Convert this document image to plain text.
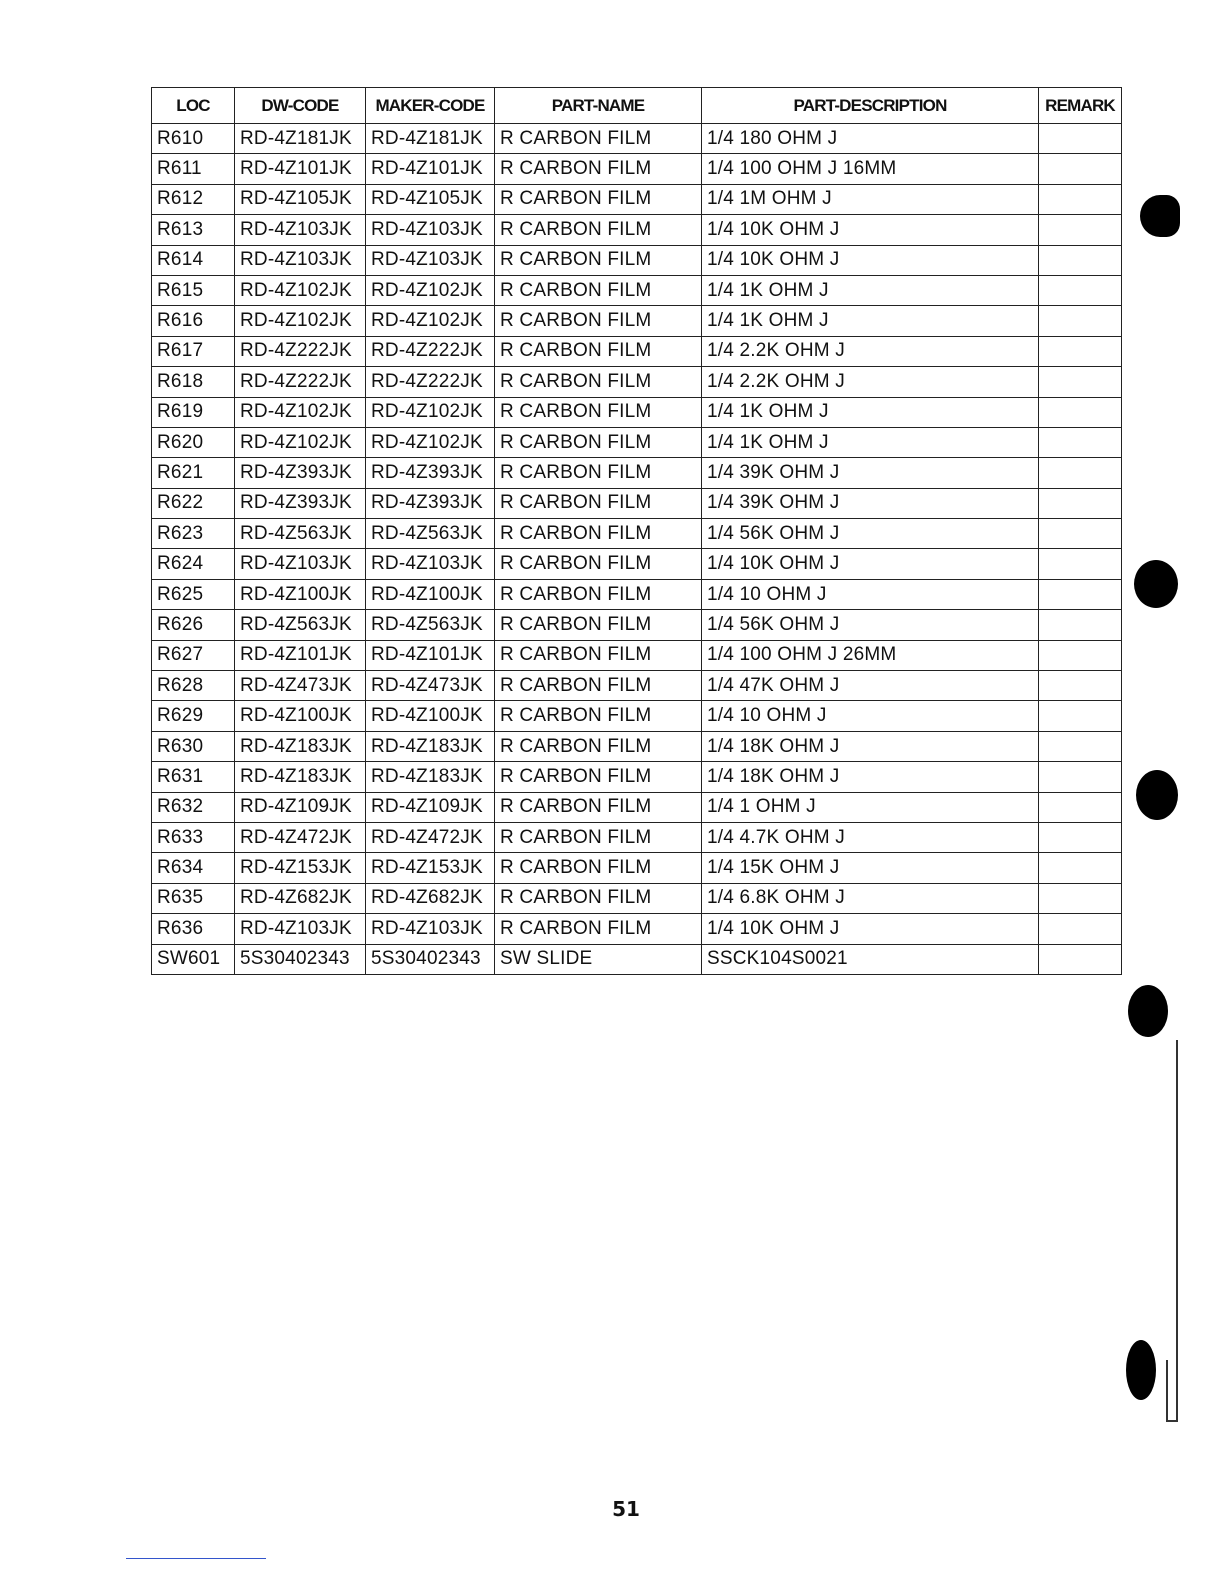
LOC	DW-CODE	MAKER-CODE	PART-NAME	PART-DESCRIPTION	REMARK
R610	RD-4Z181JK	RD-4Z181JK	R CARBON FILM	1/4 180 OHM J	
R611	RD-4Z101JK	RD-4Z101JK	R CARBON FILM	1/4 100 OHM J 16MM	
R612	RD-4Z105JK	RD-4Z105JK	R CARBON FILM	1/4 1M OHM J	
R613	RD-4Z103JK	RD-4Z103JK	R CARBON FILM	1/4 10K OHM J	
R614	RD-4Z103JK	RD-4Z103JK	R CARBON FILM	1/4 10K OHM J	
R615	RD-4Z102JK	RD-4Z102JK	R CARBON FILM	1/4 1K OHM J	
R616	RD-4Z102JK	RD-4Z102JK	R CARBON FILM	1/4 1K OHM J	
R617	RD-4Z222JK	RD-4Z222JK	R CARBON FILM	1/4 2.2K OHM J	
R618	RD-4Z222JK	RD-4Z222JK	R CARBON FILM	1/4 2.2K OHM J	
R619	RD-4Z102JK	RD-4Z102JK	R CARBON FILM	1/4 1K OHM J	
R620	RD-4Z102JK	RD-4Z102JK	R CARBON FILM	1/4 1K OHM J	
R621	RD-4Z393JK	RD-4Z393JK	R CARBON FILM	1/4 39K OHM J	
R622	RD-4Z393JK	RD-4Z393JK	R CARBON FILM	1/4 39K OHM J	
R623	RD-4Z563JK	RD-4Z563JK	R CARBON FILM	1/4 56K OHM J	
R624	RD-4Z103JK	RD-4Z103JK	R CARBON FILM	1/4 10K OHM J	
R625	RD-4Z100JK	RD-4Z100JK	R CARBON FILM	1/4 10 OHM J	
R626	RD-4Z563JK	RD-4Z563JK	R CARBON FILM	1/4 56K OHM J	
R627	RD-4Z101JK	RD-4Z101JK	R CARBON FILM	1/4 100 OHM J 26MM	
R628	RD-4Z473JK	RD-4Z473JK	R CARBON FILM	1/4 47K OHM J	
R629	RD-4Z100JK	RD-4Z100JK	R CARBON FILM	1/4 10 OHM J	
R630	RD-4Z183JK	RD-4Z183JK	R CARBON FILM	1/4 18K OHM J	
R631	RD-4Z183JK	RD-4Z183JK	R CARBON FILM	1/4 18K OHM J	
R632	RD-4Z109JK	RD-4Z109JK	R CARBON FILM	1/4 1 OHM J	
R633	RD-4Z472JK	RD-4Z472JK	R CARBON FILM	1/4 4.7K OHM J	
R634	RD-4Z153JK	RD-4Z153JK	R CARBON FILM	1/4 15K OHM J	
R635	RD-4Z682JK	RD-4Z682JK	R CARBON FILM	1/4 6.8K OHM J	
R636	RD-4Z103JK	RD-4Z103JK	R CARBON FILM	1/4 10K OHM J	
SW601	5S30402343	5S30402343	SW SLIDE	SSCK104S0021	
51
